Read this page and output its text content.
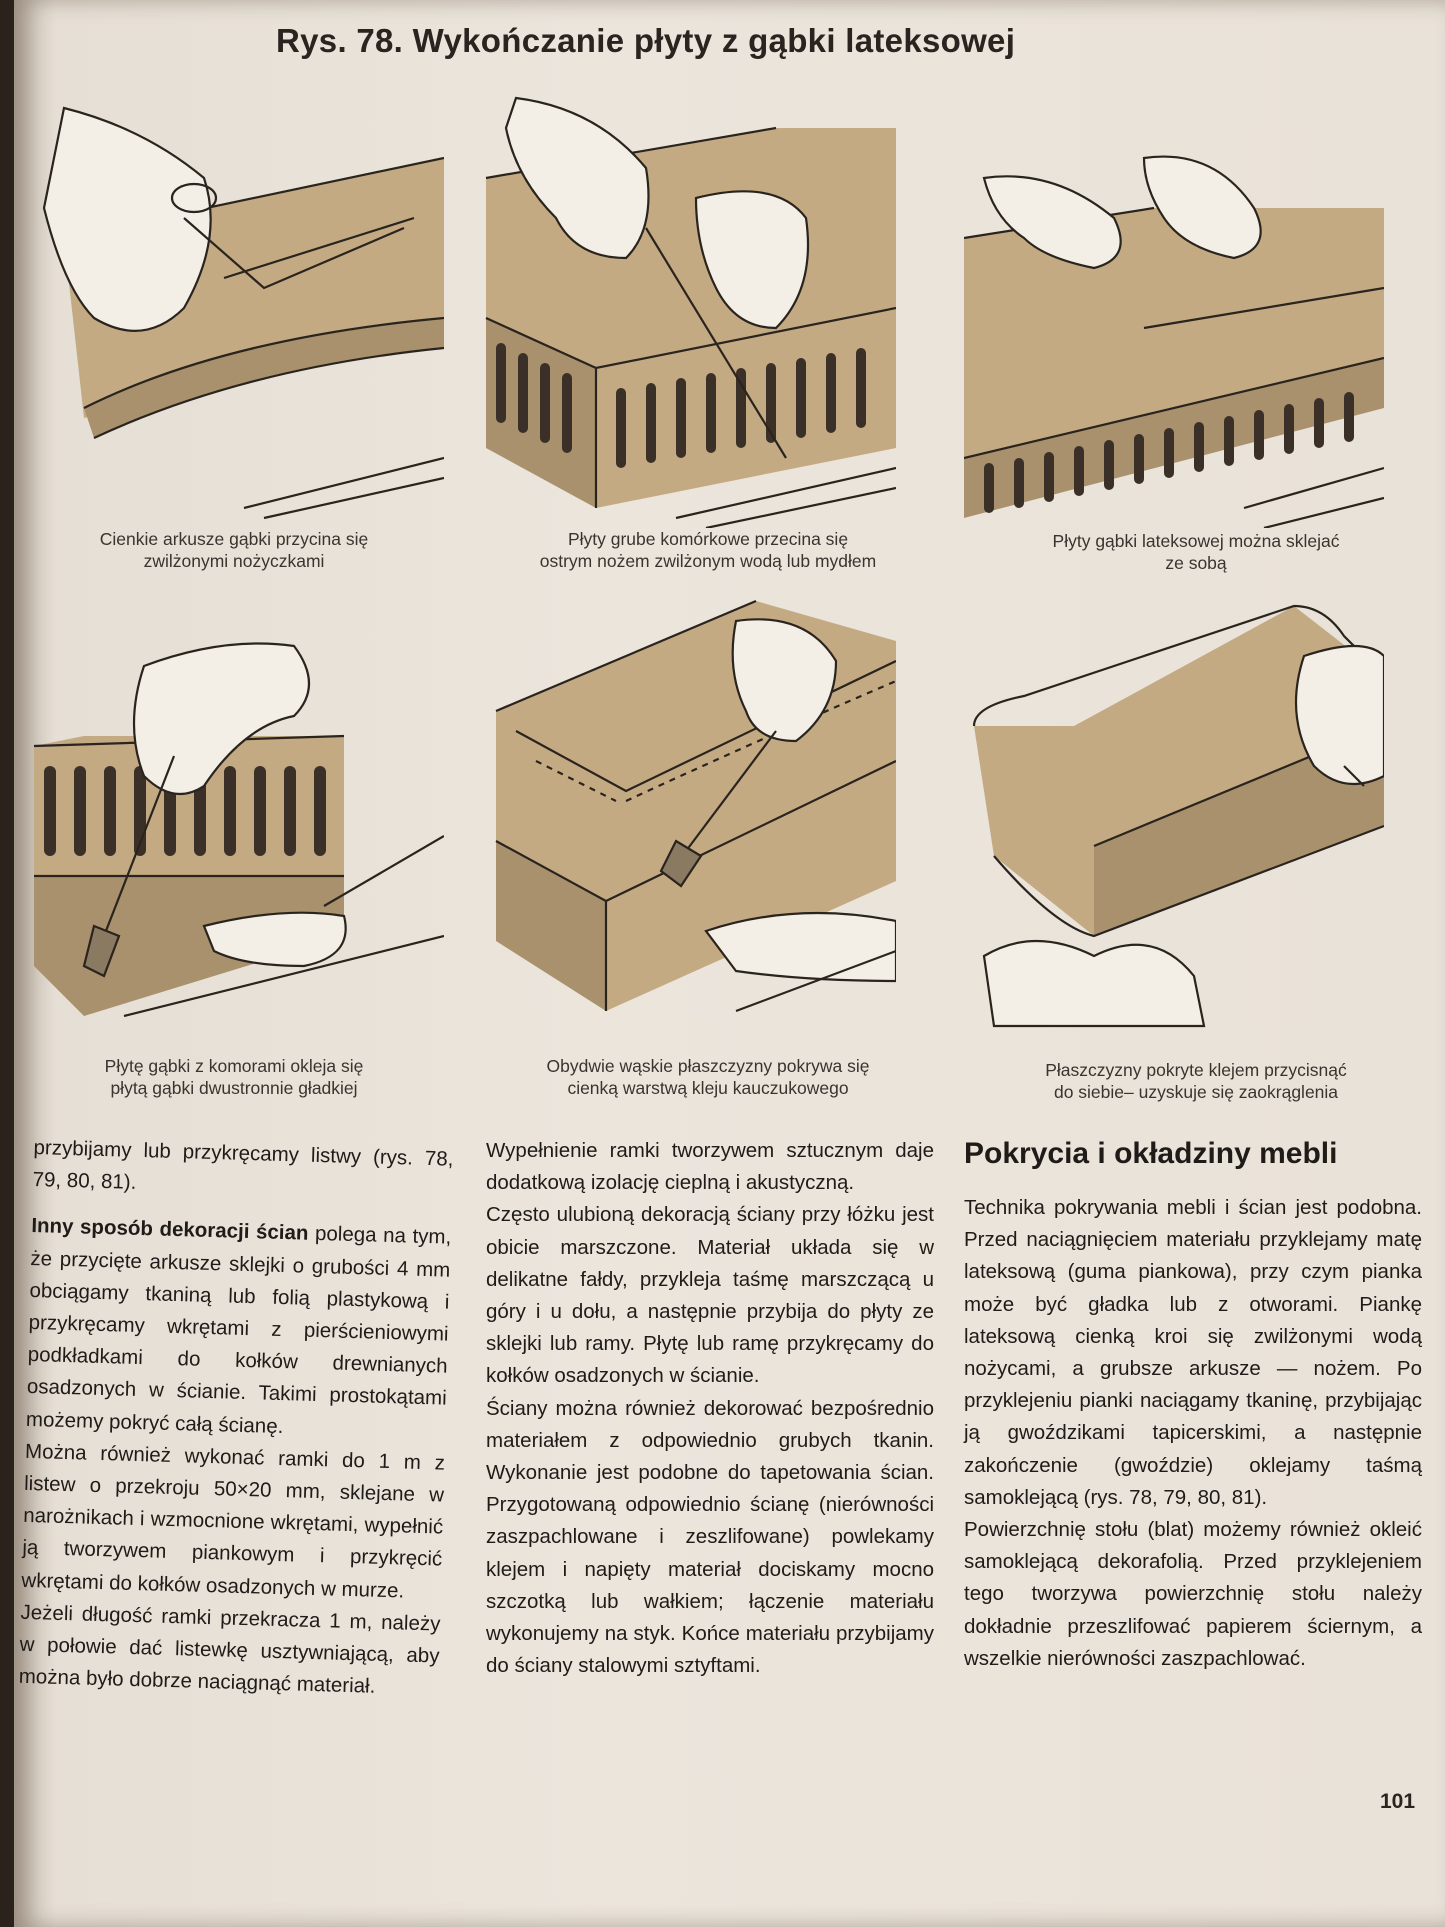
Rys. 78. Wykończanie płyty z gąbki lateksowej
Cienkie arkusze gąbki przycina się
zwilżonymi nożyczkami
Płyty grube komórkowe przecina się
ostrym nożem zwilżonym wodą lub mydłem
Płyty gąbki lateksowej można sklejać
ze sobą
Płytę gąbki z komorami okleja się
płytą gąbki dwustronnie gładkiej
Obydwie wąskie płaszczyzny pokrywa się
cienką warstwą kleju kauczukowego
Płaszczyzny pokryte klejem przycisnąć
do siebie– uzyskuje się zaokrąglenia

przybijamy lub przykręcamy listwy (rys. 78, 79, 80, 81).

Inny sposób dekoracji ścian polega na tym, że przycięte arkusze sklejki o grubości 4 mm obciągamy tkaniną lub folią plastykową i przykręcamy wkrętami z pierścieniowymi podkładkami do kołków drewnianych osadzonych w ścianie. Takimi prostokątami możemy pokryć całą ścianę.

Można również wykonać ramki do 1 m z listew o przekroju 50×20 mm, sklejane w narożnikach i wzmocnione wkrętami, wypełnić ją tworzywem piankowym i przykręcić wkrętami do kołków osadzonych w murze.

Jeżeli długość ramki przekracza 1 m, należy w połowie dać listewkę usztywniającą, aby można było dobrze naciągnąć materiał.

Wypełnienie ramki tworzywem sztucznym daje dodatkową izolację cieplną i akustyczną.

Często ulubioną dekoracją ściany przy łóżku jest obicie marszczone. Materiał układa się w delikatne fałdy, przykleja taśmę marszczącą u góry i u dołu, a następnie przybija do płyty ze sklejki lub ramy. Płytę lub ramę przykręcamy do kołków osadzonych w ścianie.

Ściany można również dekorować bezpośrednio materiałem z odpowiednio grubych tkanin. Wykonanie jest podobne do tapetowania ścian. Przygotowaną odpowiednio ścianę (nierówności zaszpachlowane i zeszlifowane) powlekamy klejem i napięty materiał dociskamy mocno szczotką lub wałkiem; łączenie materiału wykonujemy na styk. Końce materiału przybijamy do ściany stalowymi sztyftami.

Pokrycia i okładziny mebli

Technika pokrywania mebli i ścian jest podobna. Przed naciągnięciem materiału przyklejamy matę lateksową (guma piankowa), przy czym pianka może być gładka lub z otworami. Piankę lateksową cienką kroi się zwilżonymi wodą nożycami, a grubsze arkusze — nożem. Po przyklejeniu pianki naciągamy tkaninę, przybijając ją gwoździkami tapicerskimi, a następnie zakończenie (gwoździe) oklejamy taśmą samoklejącą (rys. 78, 79, 80, 81).

Powierzchnię stołu (blat) możemy również okleić samoklejącą dekorafolią. Przed przyklejeniem tego tworzywa powierzchnię stołu należy dokładnie przeszlifować papierem ściernym, a wszelkie nierówności zaszpachlować.

101
